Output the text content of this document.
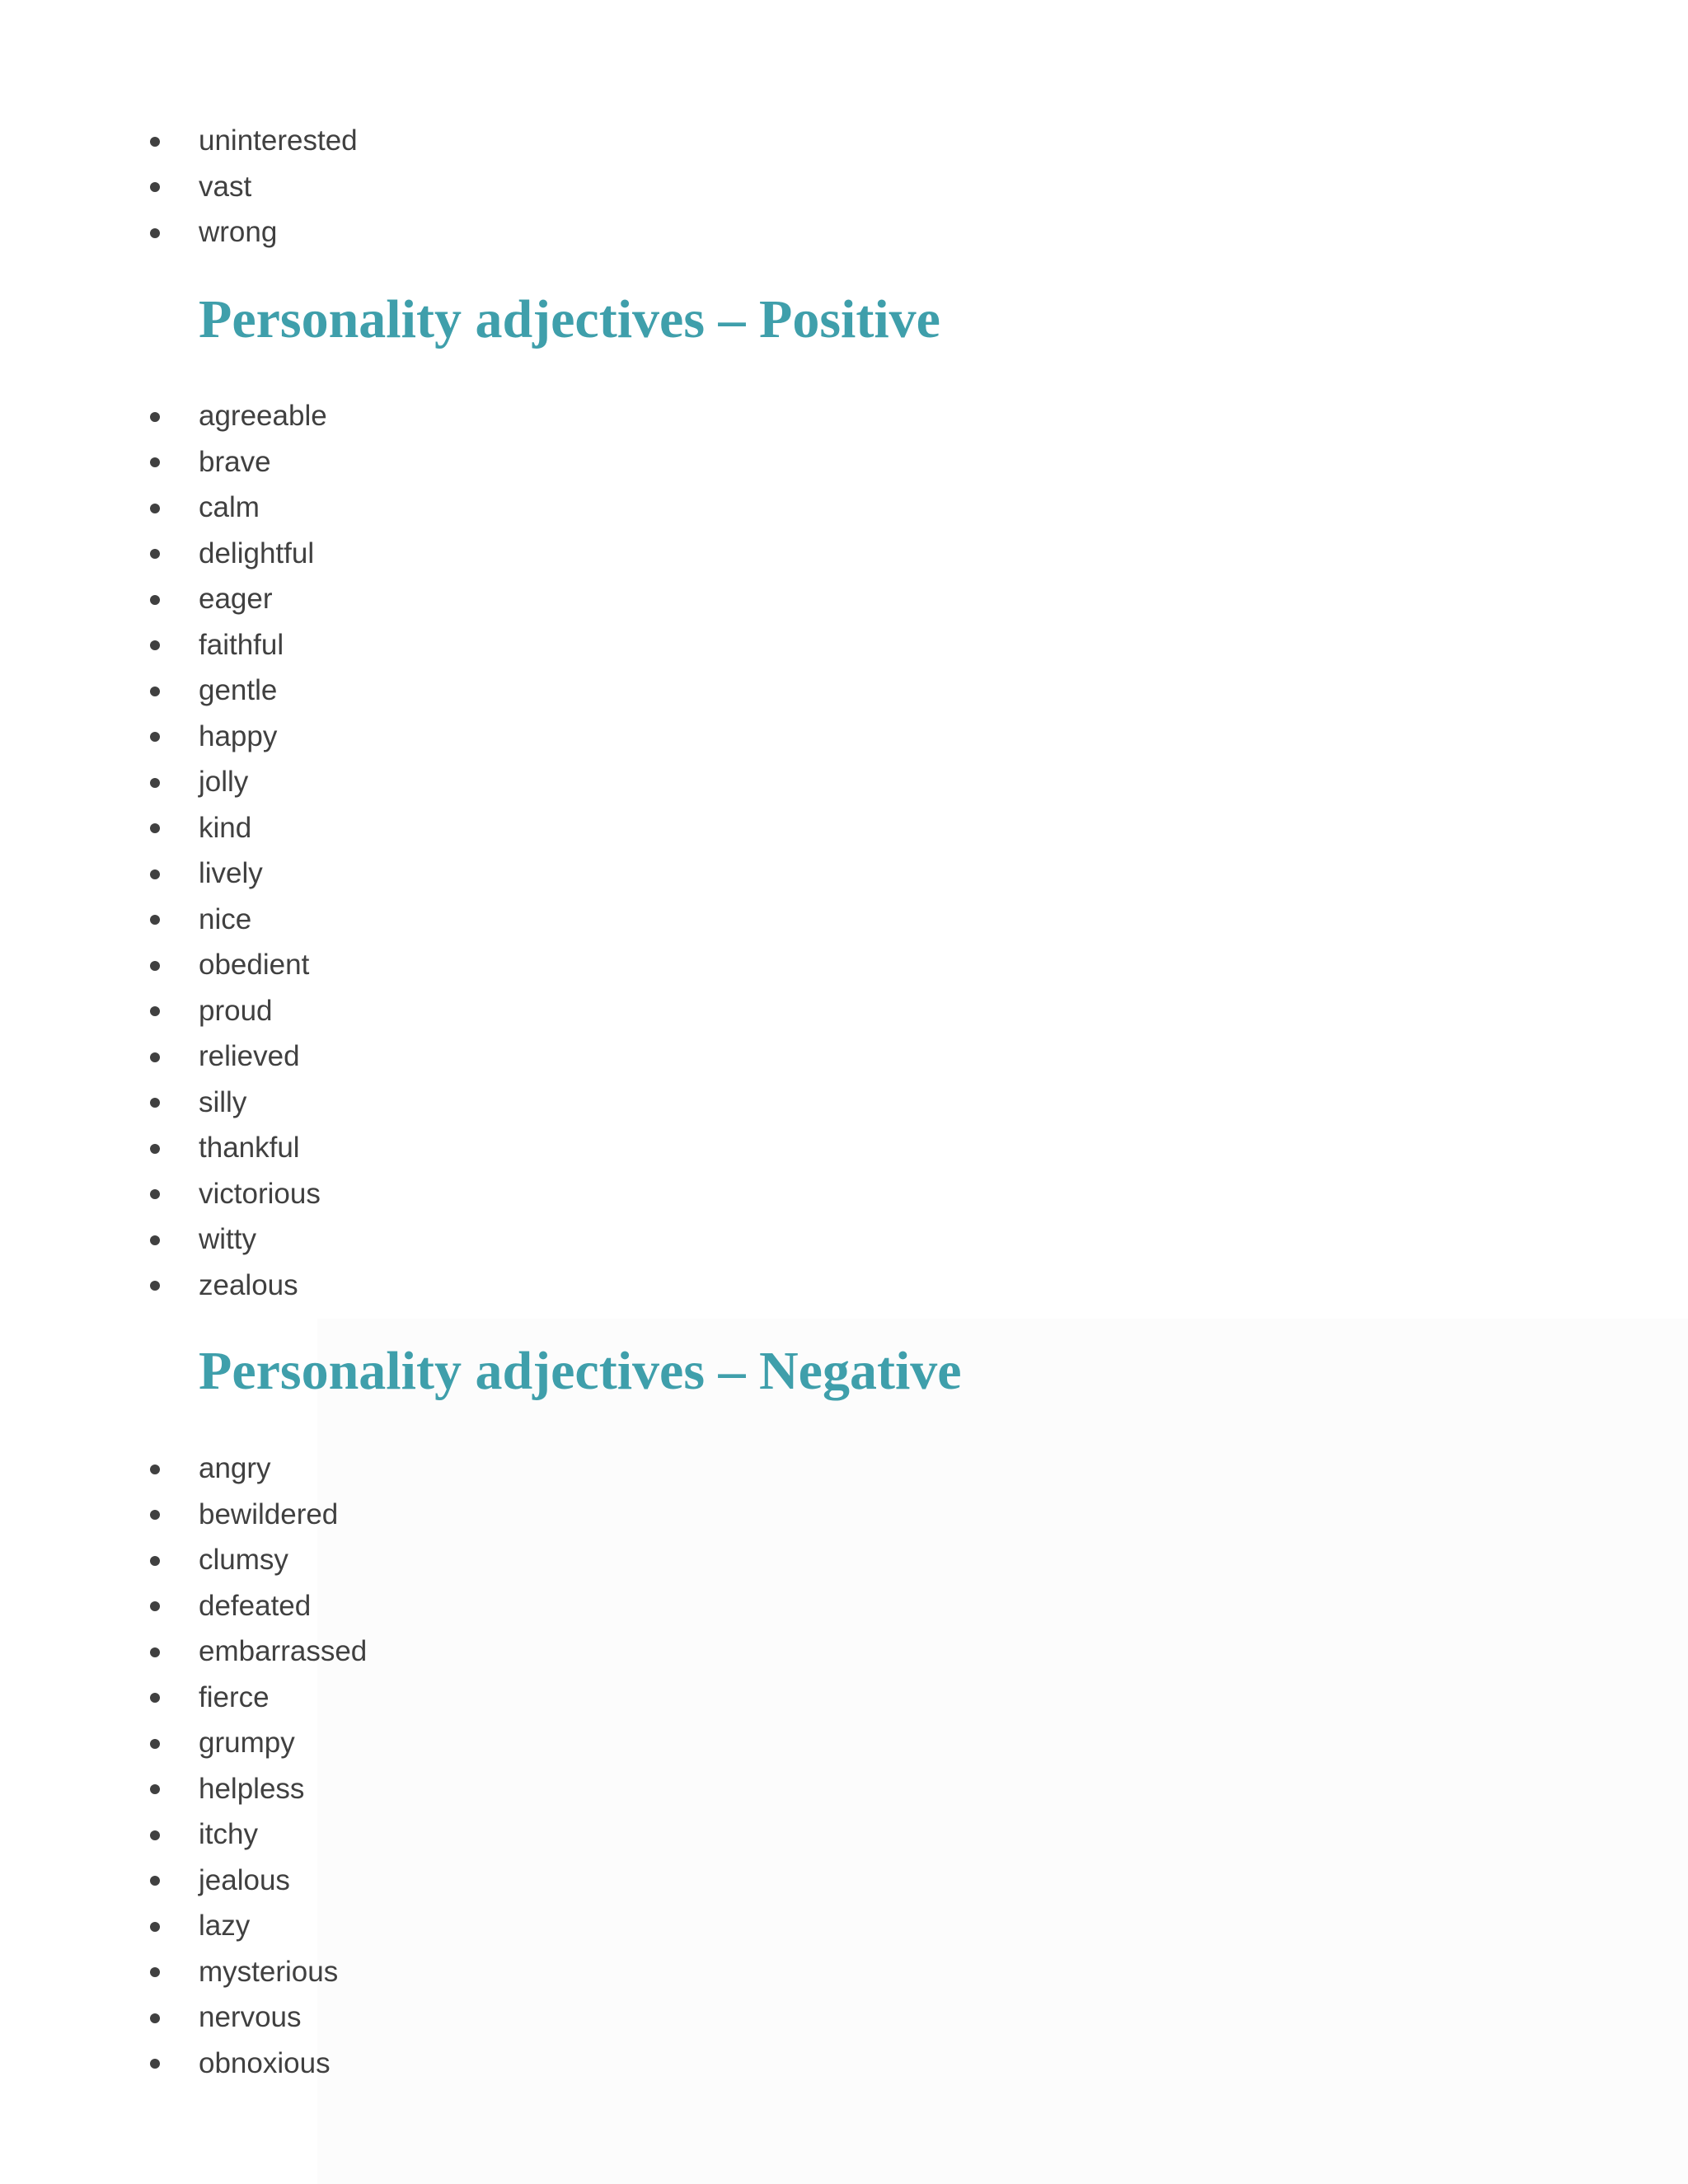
uninterested
vast
wrong
Personality adjectives – Positive
agreeable
brave
calm
delightful
eager
faithful
gentle
happy
jolly
kind
lively
nice
obedient
proud
relieved
silly
thankful
victorious
witty
zealous
Personality adjectives – Negative
angry
bewildered
clumsy
defeated
embarrassed
fierce
grumpy
helpless
itchy
jealous
lazy
mysterious
nervous
obnoxious
